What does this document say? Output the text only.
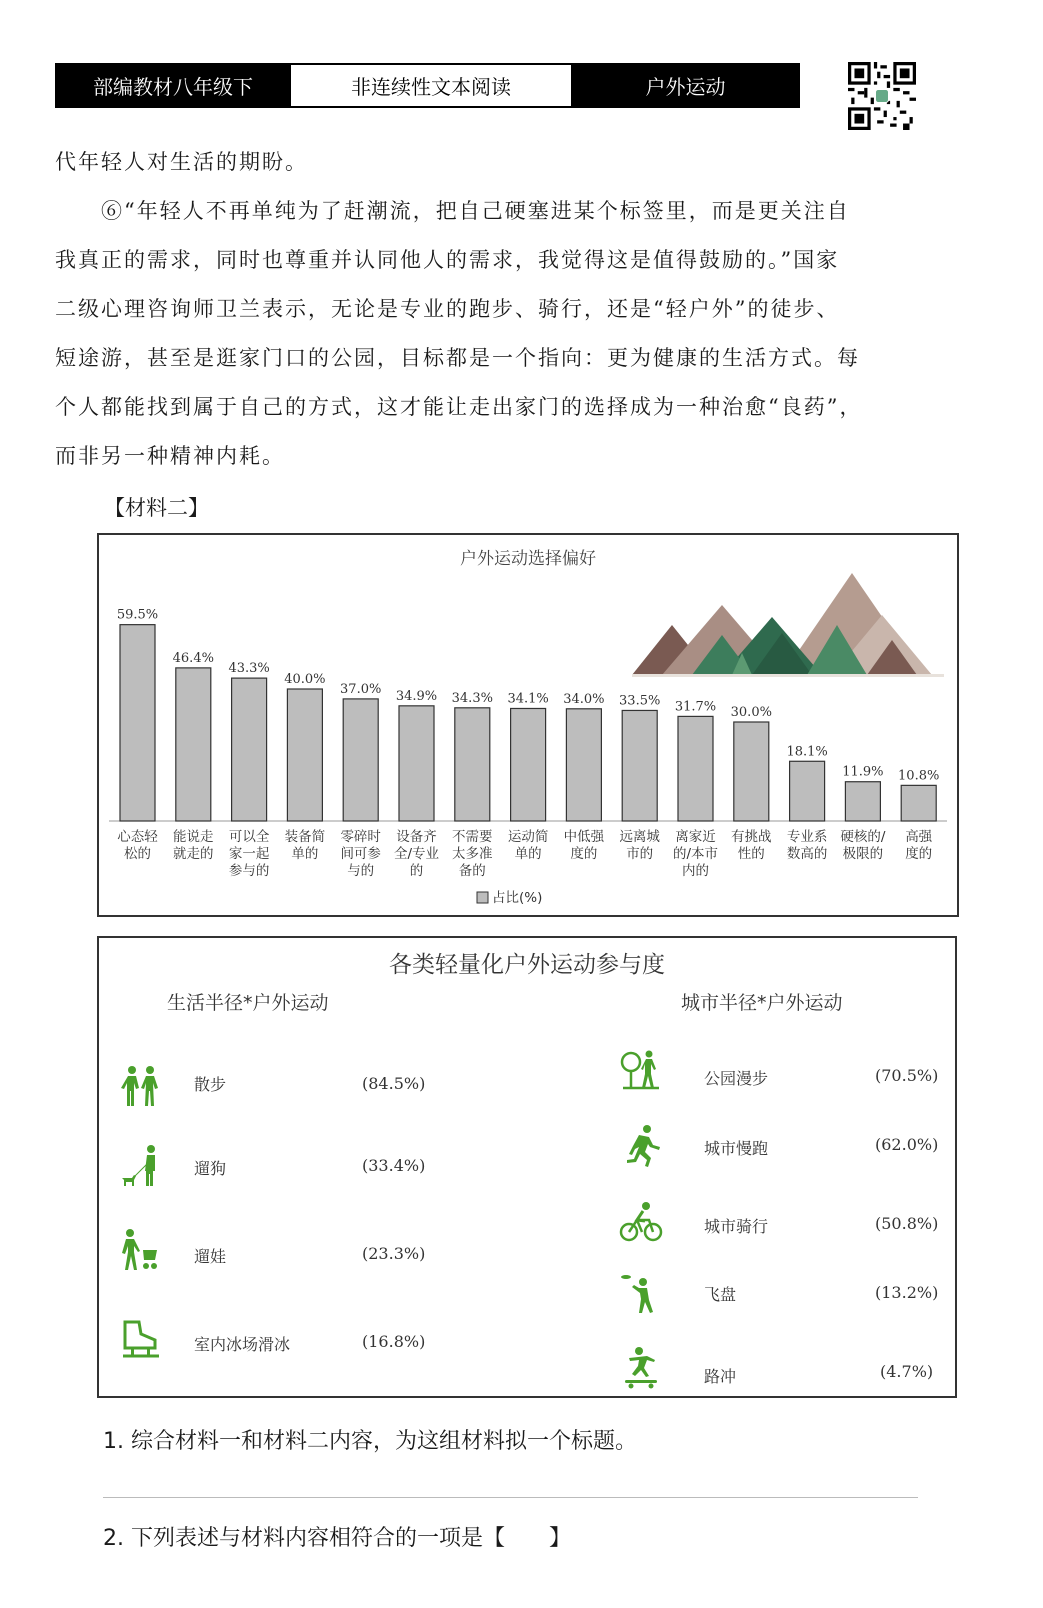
部编教材八年级下	非连续性文本阅读	户外运动
代年轻人对生活的期盼。
　　⑥“年轻人不再单纯为了赶潮流，把自己硬塞进某个标签里，而是更关注自
我真正的需求，同时也尊重并认同他人的需求，我觉得这是值得鼓励的。”国家
二级心理咨询师卫兰表示，无论是专业的跑步、骑行，还是“轻户外”的徒步、
短途游，甚至是逛家门口的公园，目标都是一个指向：更为健康的生活方式。每
个人都能找到属于自己的方式，这才能让走出家门的选择成为一种治愈“良药”，
而非另一种精神内耗。
【材料二】
户外运动选择偏好
59.5%
心态轻
松的
46.4%
能说走
就走的
43.3%
可以全
家一起
参与的
40.0%
装备简
单的
37.0%
零碎时
间可参
与的
34.9%
设备齐
全/专业
的
34.3%
不需要
太多准
备的
34.1%
运动简
单的
34.0%
中低强
度的
33.5%
远离城
市的
31.7%
离家近
的/本市
内的
30.0%
有挑战
性的
18.1%
专业系
数高的
11.9%
硬核的/
极限的
10.8%
高强
度的
占比(%)
各类轻量化户外运动参与度
生活半径*户外运动	城市半径*户外运动
散步	(84.5%)
遛狗	(33.4%)
遛娃	(23.3%)
室内冰场滑冰	(16.8%)
公园漫步	(70.5%)
城市慢跑	(62.0%)
城市骑行	(50.8%)
飞盘	(13.2%)
路冲	(4.7%)
1. 综合材料一和材料二内容，为这组材料拟一个标题。
2. 下列表述与材料内容相符合的一项是【　　】
